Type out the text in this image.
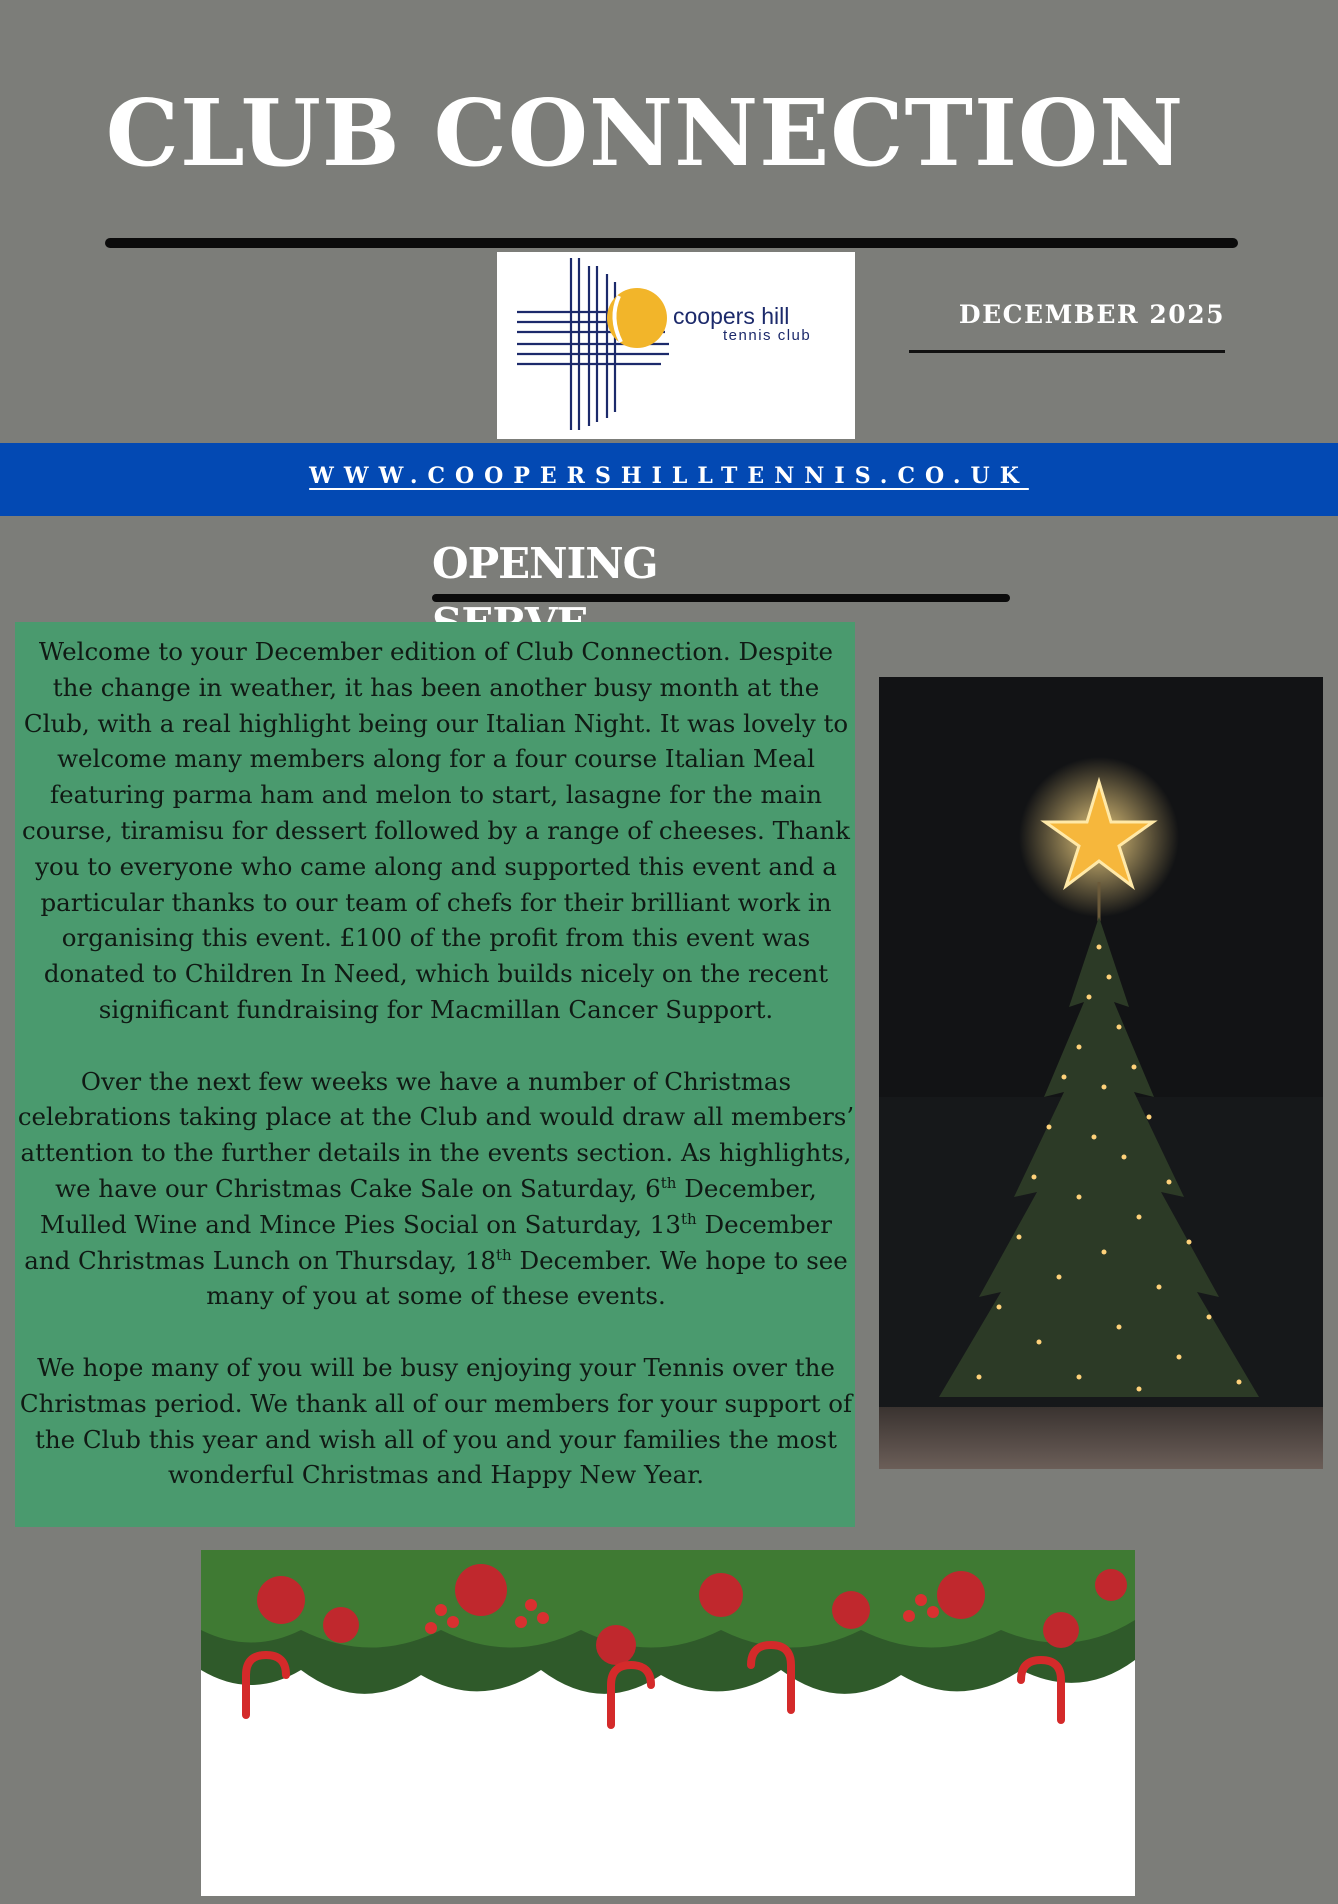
CLUB CONNECTION
coopers hill
tennis club
DECEMBER 2025
WWW.COOPERSHILLTENNIS.CO.UK
OPENING

Welcome to your December edition of Club Connection. Despite the change in weather, it has been another busy month at the Club, with a real highlight being our Italian Night. It was lovely to welcome many members along for a four course Italian Meal featuring parma ham and melon to start, lasagne for the main course, tiramisu for dessert followed by a range of cheeses. Thank you to everyone who came along and supported this event and a particular thanks to our team of chefs for their brilliant work in organising this event. £100 of the profit from this event was donated to Children In Need, which builds nicely on the recent significant fundraising for Macmillan Cancer Support.

Over the next few weeks we have a number of Christmas celebrations taking place at the Club and would draw all members’ attention to the further details in the events section. As highlights, we have our Christmas Cake Sale on Saturday, 6th December, Mulled Wine and Mince Pies Social on Saturday, 13th December and Christmas Lunch on Thursday, 18th December. We hope to see many of you at some of these events.

We hope many of you will be busy enjoying your Tennis over the Christmas period. We thank all of our members for your support of the Club this year and wish all of you and your families the most wonderful Christmas and Happy New Year.
